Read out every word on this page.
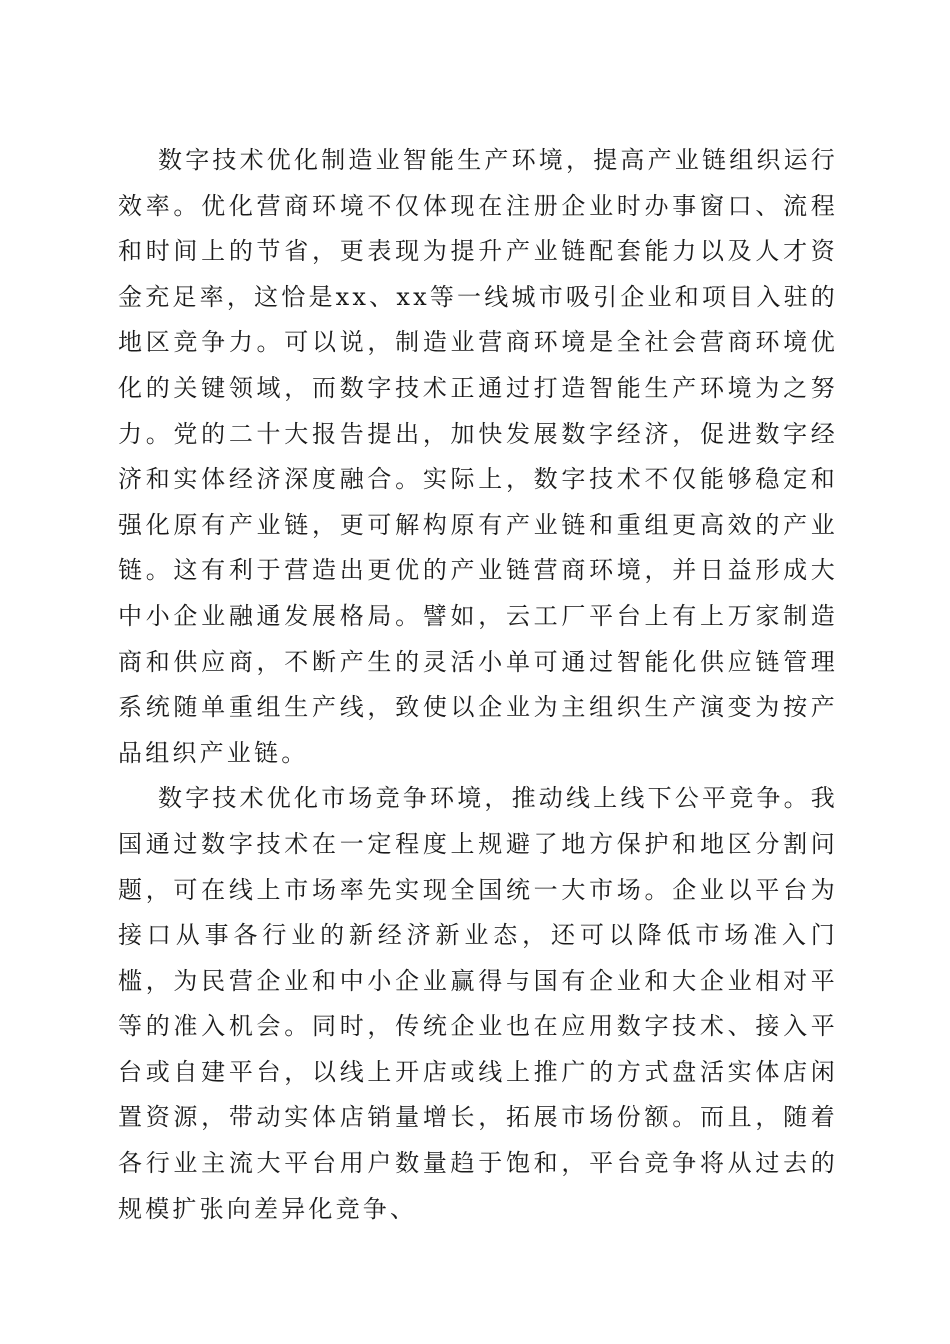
数字技术优化制造业智能生产环境，提高产业链组织运行效率。优化营商环境不仅体现在注册企业时办事窗口、流程和时间上的节省，更表现为提升产业链配套能力以及人才资金充足率，这恰是xx、xx等一线城市吸引企业和项目入驻的地区竞争力。可以说，制造业营商环境是全社会营商环境优化的关键领域，而数字技术正通过打造智能生产环境为之努力。党的二十大报告提出，加快发展数字经济，促进数字经济和实体经济深度融合。实际上，数字技术不仅能够稳定和强化原有产业链，更可解构原有产业链和重组更高效的产业链。这有利于营造出更优的产业链营商环境，并日益形成大中小企业融通发展格局。譬如，云工厂平台上有上万家制造商和供应商，不断产生的灵活小单可通过智能化供应链管理系统随单重组生产线，致使以企业为主组织生产演变为按产品组织产业链。

数字技术优化市场竞争环境，推动线上线下公平竞争。我国通过数字技术在一定程度上规避了地方保护和地区分割问题，可在线上市场率先实现全国统一大市场。企业以平台为接口从事各行业的新经济新业态，还可以降低市场准入门槛，为民营企业和中小企业赢得与国有企业和大企业相对平等的准入机会。同时，传统企业也在应用数字技术、接入平台或自建平台，以线上开店或线上推广的方式盘活实体店闲置资源，带动实体店销量增长，拓展市场份额。而且，随着各行业主流大平台用户数量趋于饱和，平台竞争将从过去的规模扩张向差异化竞争、
